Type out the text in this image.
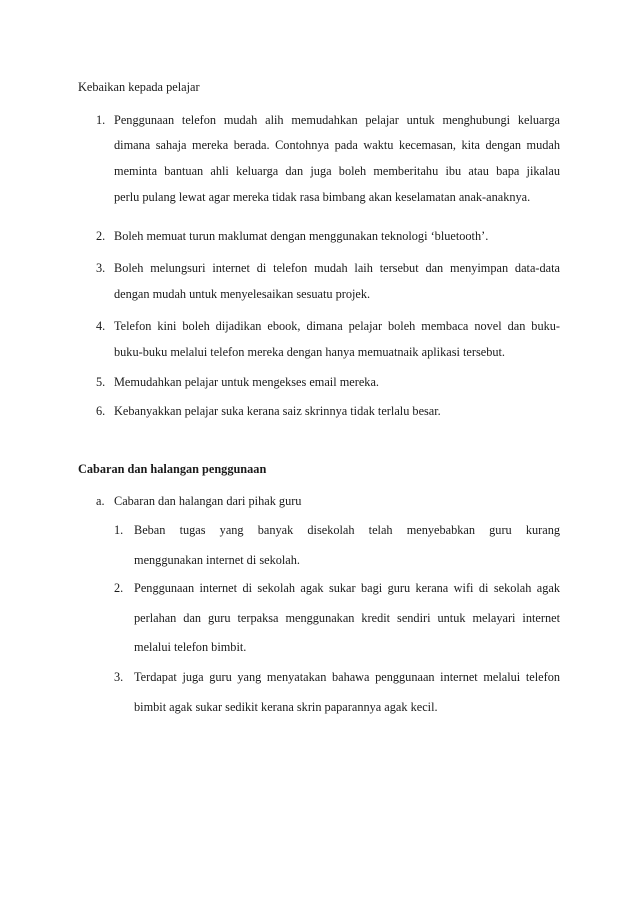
Kebaikan kepada pelajar
1. Penggunaan telefon mudah alih memudahkan pelajar untuk menghubungi keluarga
dimana sahaja mereka berada. Contohnya pada waktu kecemasan, kita dengan mudah
meminta bantuan ahli keluarga dan juga boleh memberitahu ibu atau bapa jikalau
perlu pulang lewat agar mereka tidak rasa bimbang akan keselamatan anak-anaknya.
2. Boleh memuat turun maklumat dengan menggunakan teknologi ‘bluetooth’.
3. Boleh melungsuri internet di telefon mudah laih tersebut dan menyimpan data-data
dengan mudah untuk menyelesaikan sesuatu projek.
4. Telefon kini boleh dijadikan ebook, dimana pelajar boleh membaca novel dan buku-
buku-buku melalui telefon mereka dengan hanya memuatnaik aplikasi tersebut.
5. Memudahkan pelajar untuk mengekses email mereka.
6. Kebanyakkan pelajar suka kerana saiz skrinnya tidak terlalu besar.
Cabaran dan halangan penggunaan
a. Cabaran dan halangan dari pihak guru
1. Beban tugas yang banyak disekolah telah menyebabkan guru kurang
menggunakan internet di sekolah.
2. Penggunaan internet di sekolah agak sukar bagi guru kerana wifi di sekolah agak
perlahan dan guru terpaksa menggunakan kredit sendiri untuk melayari internet
melalui telefon bimbit.
3. Terdapat juga guru yang menyatakan bahawa penggunaan internet melalui telefon
bimbit agak sukar sedikit kerana skrin paparannya agak kecil.
